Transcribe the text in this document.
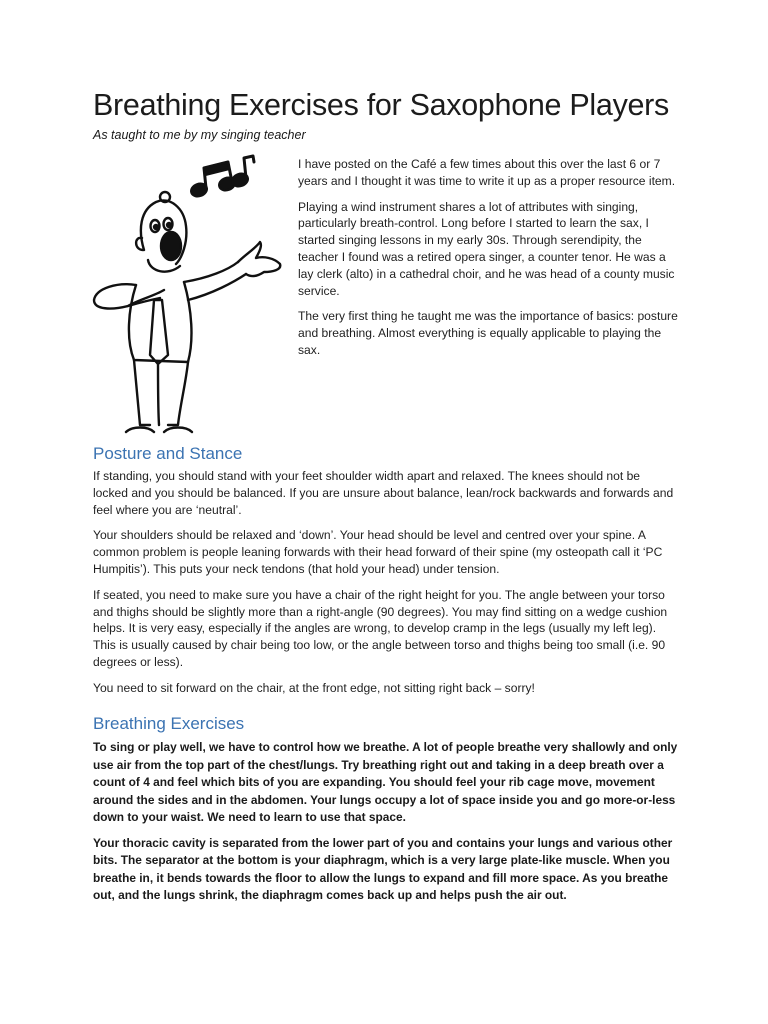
Breathing Exercises for Saxophone Players

As taught to me by my singing teacher

I have posted on the Café a few times about this over the last 6 or 7 years and I thought it was time to write it up as a proper resource item.

Playing a wind instrument shares a lot of attributes with singing, particularly breath-control. Long before I started to learn the sax, I started singing lessons in my early 30s. Through serendipity, the teacher I found was a retired opera singer, a counter tenor. He was a lay clerk (alto) in a cathedral choir, and he was head of a county music service.

The very first thing he taught me was the importance of basics: posture and breathing. Almost everything is equally applicable to playing the sax.

Posture and Stance

If standing, you should stand with your feet shoulder width apart and relaxed. The knees should not be locked and you should be balanced. If you are unsure about balance, lean/rock backwards and forwards and feel where you are ‘neutral’.

Your shoulders should be relaxed and ‘down’. Your head should be level and centred over your spine. A common problem is people leaning forwards with their head forward of their spine (my osteopath call it ‘PC Humpitis’). This puts your neck tendons (that hold your head) under tension.

If seated, you need to make sure you have a chair of the right height for you. The angle between your torso and thighs should be slightly more than a right-angle (90 degrees). You may find sitting on a wedge cushion helps. It is very easy, especially if the angles are wrong, to develop cramp in the legs (usually my left leg). This is usually caused by chair being too low, or the angle between torso and thighs being too small (i.e. 90 degrees or less).

You need to sit forward on the chair, at the front edge, not sitting right back – sorry!

Breathing Exercises

To sing or play well, we have to control how we breathe. A lot of people breathe very shallowly and only use air from the top part of the chest/lungs. Try breathing right out and taking in a deep breath over a count of 4 and feel which bits of you are expanding. You should feel your rib cage move, movement around the sides and in the abdomen. Your lungs occupy a lot of space inside you and go more-or-less down to your waist. We need to learn to use that space.

Your thoracic cavity is separated from the lower part of you and contains your lungs and various other bits. The separator at the bottom is your diaphragm, which is a very large plate-like muscle. When you breathe in, it bends towards the floor to allow the lungs to expand and fill more space. As you breathe out, and the lungs shrink, the diaphragm comes back up and helps push the air out.
